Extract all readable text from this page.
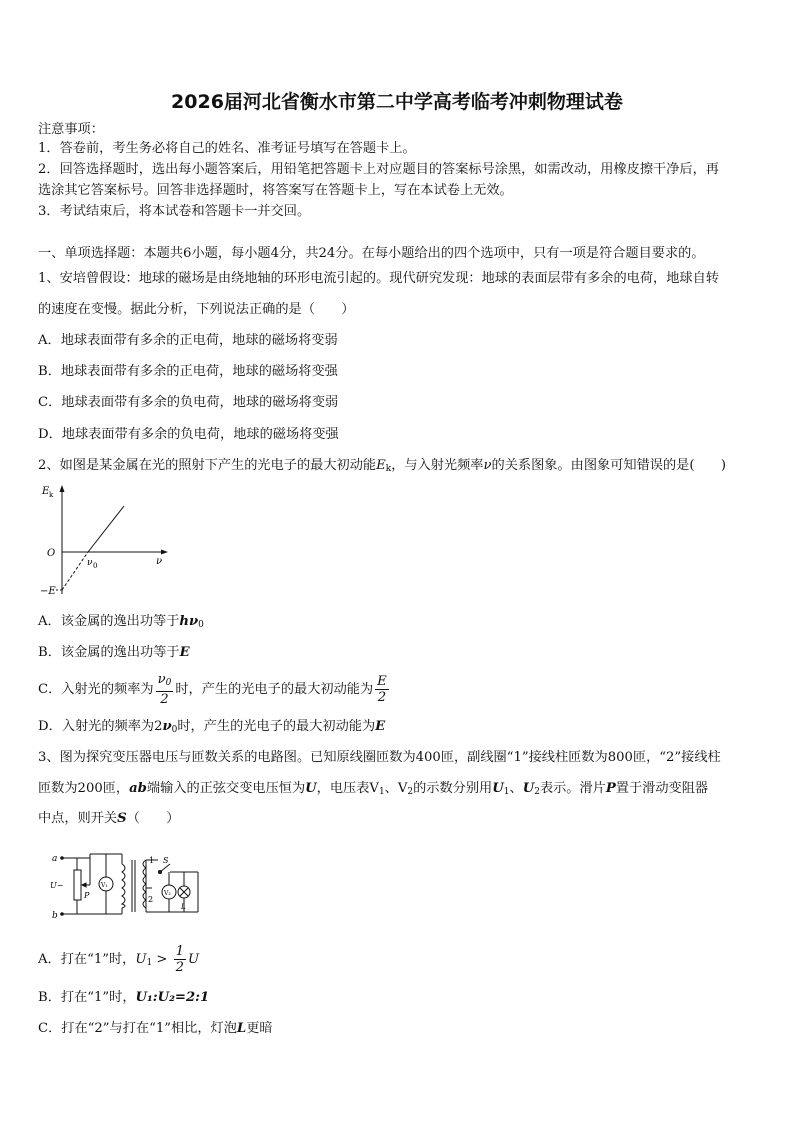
2026届河北省衡水市第二中学高考临考冲刺物理试卷
注意事项：
1．答卷前，考生务必将自己的姓名、准考证号填写在答题卡上。
2．回答选择题时，选出每小题答案后，用铅笔把答题卡上对应题目的答案标号涂黑，如需改动，用橡皮擦干净后，再
选涂其它答案标号。回答非选择题时，将答案写在答题卡上，写在本试卷上无效。
3．考试结束后，将本试卷和答题卡一并交回。
一、单项选择题：本题共6小题，每小题4分，共24分。在每小题给出的四个选项中，只有一项是符合题目要求的。
1、安培曾假设：地球的磁场是由绕地轴的环形电流引起的。现代研究发现：地球的表面层带有多余的电荷，地球自转
的速度在变慢。据此分析，下列说法正确的是（　　）
A．地球表面带有多余的正电荷，地球的磁场将变弱
B．地球表面带有多余的正电荷，地球的磁场将变强
C．地球表面带有多余的负电荷，地球的磁场将变弱
D．地球表面带有多余的负电荷，地球的磁场将变强
2、如图是某金属在光的照射下产生的光电子的最大初动能$E_k$，与入射光频率ν的关系图象。由图象可知错误的是(　　)
E k
O
ν
ν 0
−E
A．该金属的逸出功等于$h\nu_0$
B．该金属的逸出功等于E
C．入射光的频率为 $\frac{\nu_0}{2}$ 时，产生的光电子的最大初动能为 $\frac{E}{2}$
D．入射光的频率为$2\nu_0$时，产生的光电子的最大初动能为E
3、图为探究变压器电压与匝数关系的电路图。已知原线圈匝数为400匝，副线圈“1”接线柱匝数为800匝，“2”接线柱
匝数为200匝，ab端输入的正弦交变电压恒为U，电压表$V_1$、$V_2$的示数分别用$U_1$、$U_2$表示。滑片P置于滑动变阻器
中点，则开关S（　　）
a
b
U~
P
V₁
1
2
S
V₂
L
A．打在“1”时，$U_1 > \frac{1}{2}$ U
B．打在“1”时，U₁:U₂=2:1
C．打在“2”与打在“1”相比，灯泡L更暗
